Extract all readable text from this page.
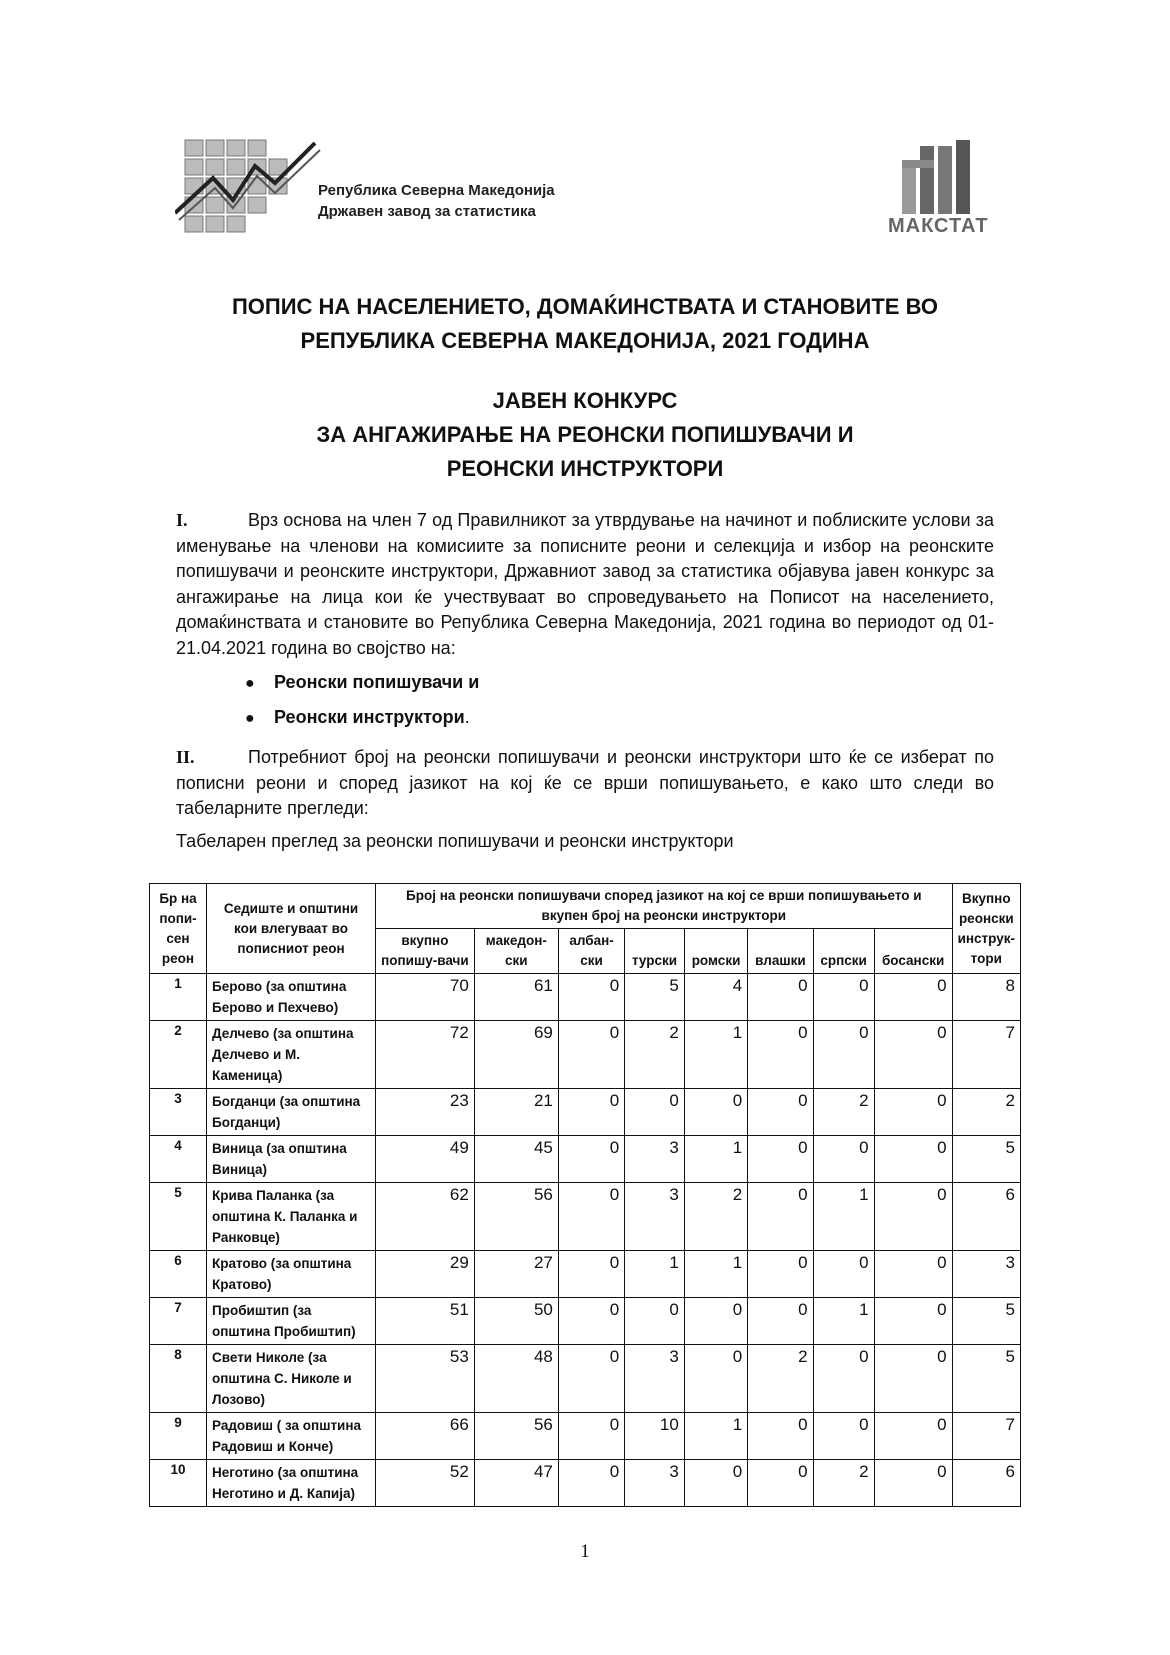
Република Северна Македонија
Државен завод за статистика
МАКСТАТ
ПОПИС НА НАСЕЛЕНИЕТО, ДОМАЌИНСТВАТА И СТАНОВИТЕ ВО
РЕПУБЛИКА СЕВЕРНА МАКЕДОНИЈА, 2021 ГОДИНА
ЈАВЕН КОНКУРС
ЗА АНГАЖИРАЊЕ НА РЕОНСКИ ПОПИШУВАЧИ И
РЕОНСКИ ИНСТРУКТОРИ
I.	Врз основа на член 7 од Правилникот за утврдување на начинот и поблиските услови за именување на членови на комисиите за пописните реони и селекција и избор на реонските попишувачи и реонските инструктори, Државниот завод за статистика објавува јавен конкурс за ангажирање на лица кои ќе учествуваат во спроведувањето на Пописот на населението, домаќинствата и становите во Република Северна Македонија, 2021 година во периодот од 01-21.04.2021 година во својство на:
● Реонски попишувачи и
● Реонски инструктори.
II.	Потребниот број на реонски попишувачи и реонски инструктори што ќе се изберат по пописни реони и според јазикот на кој ќе се врши попишувањето, е како што следи во табеларните прегледи:
Табеларен преглед за реонски попишувачи и реонски инструктори
Бр на попи-сен реон	Седиште и општини кои влегуваат во пописниот реон	Број на реонски попишувачи според јазикот на кој се врши попишувањето и вкупен број на реонски инструктори								Вкупно реонски инструк-тори
		вкупно попишу-вачи	македон-ски	албан-ски	турски	ромски	влашки	српски	босански	
1	Берово (за општина Берово и Пехчево)	70	61	0	5	4	0	0	0	8
2	Делчево (за општина Делчево и М. Каменица)	72	69	0	2	1	0	0	0	7
3	Богданци (за општина Богданци)	23	21	0	0	0	0	2	0	2
4	Виница (за општина Виница)	49	45	0	3	1	0	0	0	5
5	Крива Паланка (за општина К. Паланка и Ранковце)	62	56	0	3	2	0	1	0	6
6	Кратово (за општина Кратово)	29	27	0	1	1	0	0	0	3
7	Пробиштип (за општина Пробиштип)	51	50	0	0	0	0	1	0	5
8	Свети Николе (за општина С. Николе и Лозово)	53	48	0	3	0	2	0	0	5
9	Радовиш ( за општина Радовиш и Конче)	66	56	0	10	1	0	0	0	7
10	Неготино (за општина Неготино и Д. Капија)	52	47	0	3	0	0	2	0	6
1
